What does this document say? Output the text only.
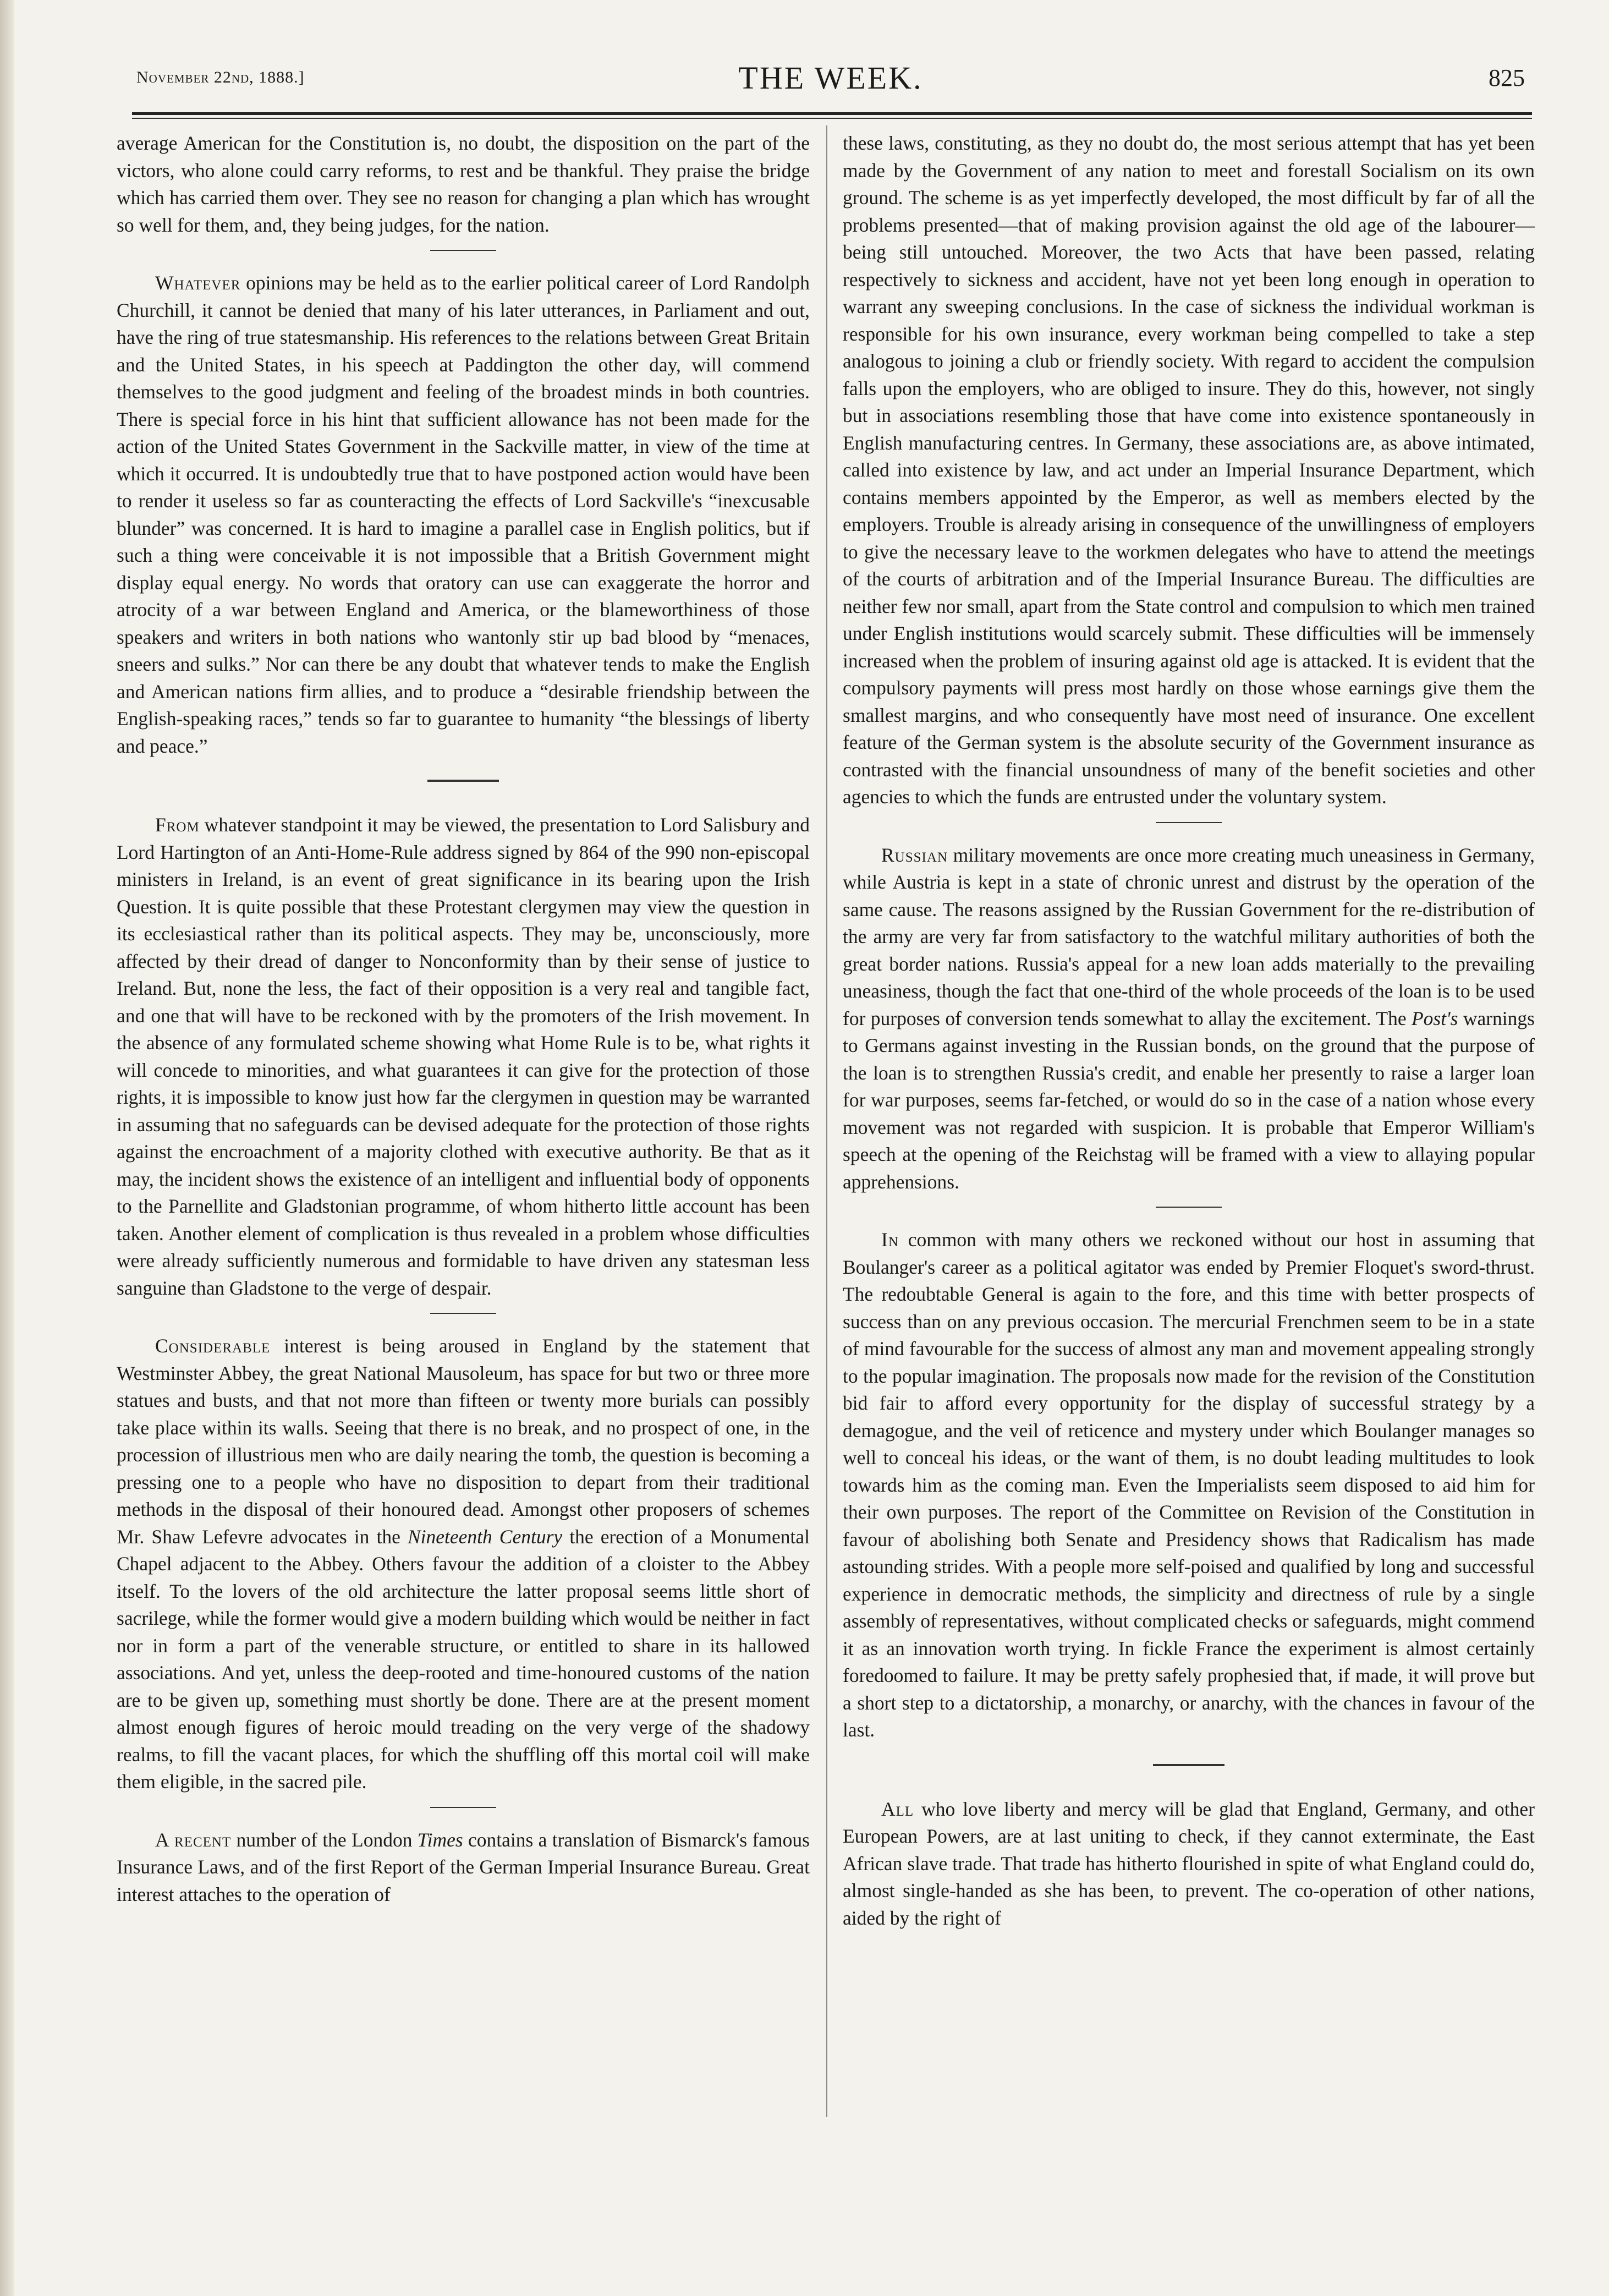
November 22nd, 1888.]	THE WEEK.	825

average American for the Constitution is, no doubt, the disposition on the part of the victors, who alone could carry reforms, to rest and be thankful. They praise the bridge which has carried them over. They see no reason for changing a plan which has wrought so well for them, and, they being judges, for the nation.

Whatever opinions may be held as to the earlier political career of Lord Randolph Churchill, it cannot be denied that many of his later utterances, in Parliament and out, have the ring of true statesmanship. His references to the relations between Great Britain and the United States, in his speech at Paddington the other day, will commend themselves to the good judgment and feeling of the broadest minds in both countries. There is special force in his hint that sufficient allowance has not been made for the action of the United States Government in the Sackville matter, in view of the time at which it occurred. It is undoubtedly true that to have postponed action would have been to render it useless so far as counteracting the effects of Lord Sackville's “inexcusable blunder” was concerned. It is hard to imagine a parallel case in English politics, but if such a thing were conceivable it is not impossible that a British Government might display equal energy. No words that oratory can use can exaggerate the horror and atrocity of a war between England and America, or the blameworthiness of those speakers and writers in both nations who wantonly stir up bad blood by “menaces, sneers and sulks.” Nor can there be any doubt that whatever tends to make the English and American nations firm allies, and to produce a “desirable friendship between the English-speaking races,” tends so far to guarantee to humanity “the blessings of liberty and peace.”

From whatever standpoint it may be viewed, the presentation to Lord Salisbury and Lord Hartington of an Anti-Home-Rule address signed by 864 of the 990 non-episcopal ministers in Ireland, is an event of great significance in its bearing upon the Irish Question. It is quite possible that these Protestant clergymen may view the question in its ecclesiastical rather than its political aspects. They may be, unconsciously, more affected by their dread of danger to Nonconformity than by their sense of justice to Ireland. But, none the less, the fact of their opposition is a very real and tangible fact, and one that will have to be reckoned with by the promoters of the Irish movement. In the absence of any formulated scheme showing what Home Rule is to be, what rights it will concede to minorities, and what guarantees it can give for the protection of those rights, it is impossible to know just how far the clergymen in question may be warranted in assuming that no safeguards can be devised adequate for the protection of those rights against the encroachment of a majority clothed with executive authority. Be that as it may, the incident shows the existence of an intelligent and influential body of opponents to the Parnellite and Gladstonian programme, of whom hitherto little account has been taken. Another element of complication is thus revealed in a problem whose difficulties were already sufficiently numerous and formidable to have driven any statesman less sanguine than Gladstone to the verge of despair.

Considerable interest is being aroused in England by the statement that Westminster Abbey, the great National Mausoleum, has space for but two or three more statues and busts, and that not more than fifteen or twenty more burials can possibly take place within its walls. Seeing that there is no break, and no prospect of one, in the procession of illustrious men who are daily nearing the tomb, the question is becoming a pressing one to a people who have no disposition to depart from their traditional methods in the disposal of their honoured dead. Amongst other proposers of schemes Mr. Shaw Lefevre advocates in the Nineteenth Century the erection of a Monumental Chapel adjacent to the Abbey. Others favour the addition of a cloister to the Abbey itself. To the lovers of the old architecture the latter proposal seems little short of sacrilege, while the former would give a modern building which would be neither in fact nor in form a part of the venerable structure, or entitled to share in its hallowed associations. And yet, unless the deep-rooted and time-honoured customs of the nation are to be given up, something must shortly be done. There are at the present moment almost enough figures of heroic mould treading on the very verge of the shadowy realms, to fill the vacant places, for which the shuffling off this mortal coil will make them eligible, in the sacred pile.

A recent number of the London Times contains a translation of Bismarck's famous Insurance Laws, and of the first Report of the German Imperial Insurance Bureau. Great interest attaches to the operation of

these laws, constituting, as they no doubt do, the most serious attempt that has yet been made by the Government of any nation to meet and forestall Socialism on its own ground. The scheme is as yet imperfectly developed, the most difficult by far of all the problems presented—that of making provision against the old age of the labourer—being still untouched. Moreover, the two Acts that have been passed, relating respectively to sickness and accident, have not yet been long enough in operation to warrant any sweeping conclusions. In the case of sickness the individual workman is responsible for his own insurance, every workman being compelled to take a step analogous to joining a club or friendly society. With regard to accident the compulsion falls upon the employers, who are obliged to insure. They do this, however, not singly but in associations resembling those that have come into existence spontaneously in English manufacturing centres. In Germany, these associations are, as above intimated, called into existence by law, and act under an Imperial Insurance Department, which contains members appointed by the Emperor, as well as members elected by the employers. Trouble is already arising in consequence of the unwillingness of employers to give the necessary leave to the workmen delegates who have to attend the meetings of the courts of arbitration and of the Imperial Insurance Bureau. The difficulties are neither few nor small, apart from the State control and compulsion to which men trained under English institutions would scarcely submit. These difficulties will be immensely increased when the problem of insuring against old age is attacked. It is evident that the compulsory payments will press most hardly on those whose earnings give them the smallest margins, and who consequently have most need of insurance. One excellent feature of the German system is the absolute security of the Government insurance as contrasted with the financial unsoundness of many of the benefit societies and other agencies to which the funds are entrusted under the voluntary system.

Russian military movements are once more creating much uneasiness in Germany, while Austria is kept in a state of chronic unrest and distrust by the operation of the same cause. The reasons assigned by the Russian Government for the re-distribution of the army are very far from satisfactory to the watchful military authorities of both the great border nations. Russia's appeal for a new loan adds materially to the prevailing uneasiness, though the fact that one-third of the whole proceeds of the loan is to be used for purposes of conversion tends somewhat to allay the excitement. The Post's warnings to Germans against investing in the Russian bonds, on the ground that the purpose of the loan is to strengthen Russia's credit, and enable her presently to raise a larger loan for war purposes, seems far-fetched, or would do so in the case of a nation whose every movement was not regarded with suspicion. It is probable that Emperor William's speech at the opening of the Reichstag will be framed with a view to allaying popular apprehensions.

In common with many others we reckoned without our host in assuming that Boulanger's career as a political agitator was ended by Premier Floquet's sword-thrust. The redoubtable General is again to the fore, and this time with better prospects of success than on any previous occasion. The mercurial Frenchmen seem to be in a state of mind favourable for the success of almost any man and movement appealing strongly to the popular imagination. The proposals now made for the revision of the Constitution bid fair to afford every opportunity for the display of successful strategy by a demagogue, and the veil of reticence and mystery under which Boulanger manages so well to conceal his ideas, or the want of them, is no doubt leading multitudes to look towards him as the coming man. Even the Imperialists seem disposed to aid him for their own purposes. The report of the Committee on Revision of the Constitution in favour of abolishing both Senate and Presidency shows that Radicalism has made astounding strides. With a people more self-poised and qualified by long and successful experience in democratic methods, the simplicity and directness of rule by a single assembly of representatives, without complicated checks or safeguards, might commend it as an innovation worth trying. In fickle France the experiment is almost certainly foredoomed to failure. It may be pretty safely prophesied that, if made, it will prove but a short step to a dictatorship, a monarchy, or anarchy, with the chances in favour of the last.

All who love liberty and mercy will be glad that England, Germany, and other European Powers, are at last uniting to check, if they cannot exterminate, the East African slave trade. That trade has hitherto flourished in spite of what England could do, almost single-handed as she has been, to prevent. The co-operation of other nations, aided by the right of
